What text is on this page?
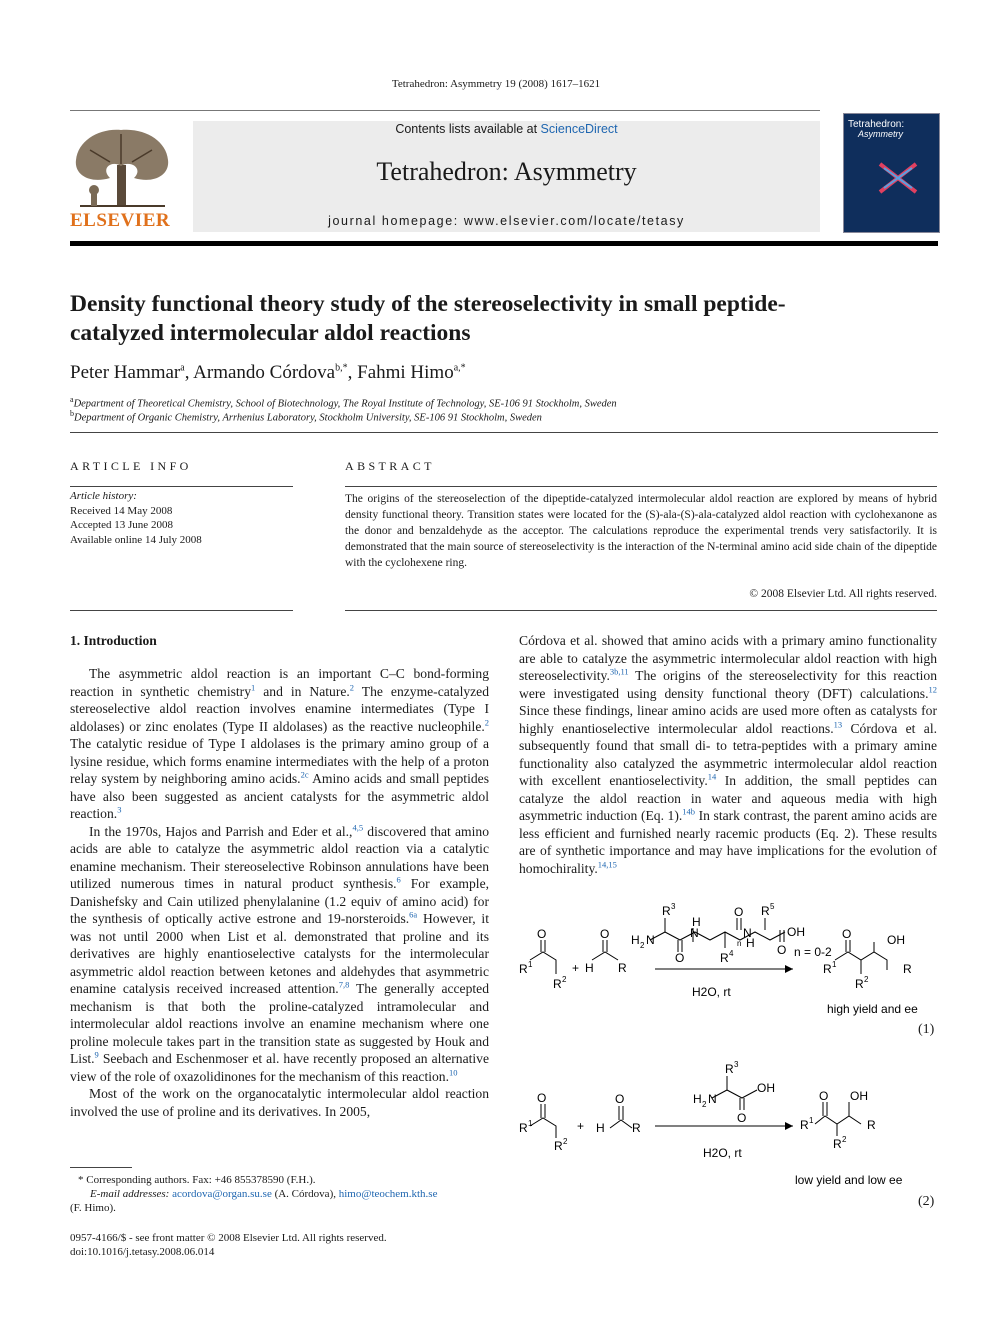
Tetrahedron: Asymmetry 19 (2008) 1617–1621
ELSEVIER
Contents lists available at ScienceDirect
Tetrahedron: Asymmetry
journal homepage: www.elsevier.com/locate/tetasy
Tetrahedron:
Asymmetry
Density functional theory study of the stereoselectivity in small peptide-catalyzed intermolecular aldol reactions
Peter Hammar$^a$, Armando Córdova$^{b,*}$, Fahmi Himo$^{a,*}$
$^a$Department of Theoretical Chemistry, School of Biotechnology, The Royal Institute of Technology, SE-106 91 Stockholm, Sweden
$^b$Department of Organic Chemistry, Arrhenius Laboratory, Stockholm University, SE-106 91 Stockholm, Sweden
ARTICLE INFO
Article history:
Received 14 May 2008
Accepted 13 June 2008
Available online 14 July 2008
ABSTRACT
The origins of the stereoselection of the dipeptide-catalyzed intermolecular aldol reaction are explored by means of hybrid density functional theory. Transition states were located for the (S)-ala-(S)-ala-catalyzed aldol reaction with cyclohexanone as the donor and benzaldehyde as the acceptor. The calculations reproduce the experimental trends very satisfactorily. It is demonstrated that the main source of stereoselectivity is the interaction of the N-terminal amino acid side chain of the dipeptide with the cyclohexene ring.
© 2008 Elsevier Ltd. All rights reserved.
1. Introduction

The asymmetric aldol reaction is an important C–C bond-forming reaction in synthetic chemistry$^1$ and in Nature.$^2$ The enzyme-catalyzed stereoselective aldol reaction involves enamine intermediates (Type I aldolases) or zinc enolates (Type II aldolases) as the reactive nucleophile.$^2$ The catalytic residue of Type I aldolases is the primary amino group of a lysine residue, which forms enamine intermediates with the help of a proton relay system by neighboring amino acids.$^{2c}$ Amino acids and small peptides have also been suggested as ancient catalysts for the asymmetric aldol reaction.$^3$

In the 1970s, Hajos and Parrish and Eder et al.,$^{4,5}$ discovered that amino acids are able to catalyze the asymmetric aldol reaction via a catalytic enamine mechanism. Their stereoselective Robinson annulations have been utilized numerous times in natural product synthesis.$^6$ For example, Danishefsky and Cain utilized phenylalanine (1.2 equiv of amino acid) for the synthesis of optically active estrone and 19-norsteroids.$^{6a}$ However, it was not until 2000 when List et al. demonstrated that proline and its derivatives are highly enantioselective catalysts for the intermolecular asymmetric aldol reaction between ketones and aldehydes that asymmetric enamine catalysis received increased attention.$^{7,8}$ The generally accepted mechanism is that both the proline-catalyzed intramolecular and intermolecular aldol reactions involve an enamine mechanism where one proline molecule takes part in the transition state as suggested by Houk and List.$^9$ Seebach and Eschenmoser et al. have recently proposed an alternative view of the role of oxazolidinones for the mechanism of this reaction.$^{10}$

Most of the work on the organocatalytic intermolecular aldol reaction involved the use of proline and its derivatives. In 2005,

* Corresponding authors. Fax: +46 855378590 (F.H.).
E-mail addresses: acordova@organ.su.se (A. Córdova), himo@teochem.kth.se
(F. Himo).
0957-4166/$ - see front matter © 2008 Elsevier Ltd. All rights reserved.
doi:10.1016/j.tetasy.2008.06.014

Córdova et al. showed that amino acids with a primary amino functionality are able to catalyze the asymmetric intermolecular aldol reaction with high stereoselectivity.$^{3b,11}$ The origins of the stereoselectivity for this reaction were investigated using density functional theory (DFT) calculations.$^{12}$ Since these findings, linear amino acids are used more often as catalysts for highly enantioselective intermolecular aldol reactions.$^{13}$ Córdova et al. subsequently found that small di- to tetra-peptides with a primary amine functionality also catalyzed the asymmetric intermolecular aldol reaction with excellent enantioselectivity.$^{14}$ In addition, the small peptides can catalyze the aldol reaction in water and aqueous media with high asymmetric induction (Eq. 1).$^{14b}$ In stark contrast, the parent amino acids are less efficient and furnished nearly racemic products (Eq. 2). These results are of synthetic importance and may have implications for the evolution of homochirality.$^{14,15}$

R 1
O
R 2
+ H R
O H 2 N
R 3
O
H
N
R 4
O
N
H
n
R 5
OH
O n = 0-2
H2O, rt
R 1
O
R 2
OH
R
high yield and ee
(1)
R 1
O
R 2
+ H R
O	H 2 N
R 3
OH
O
H2O, rt
R 1
O
R 2
OH
R
low yield and low ee
(2)
